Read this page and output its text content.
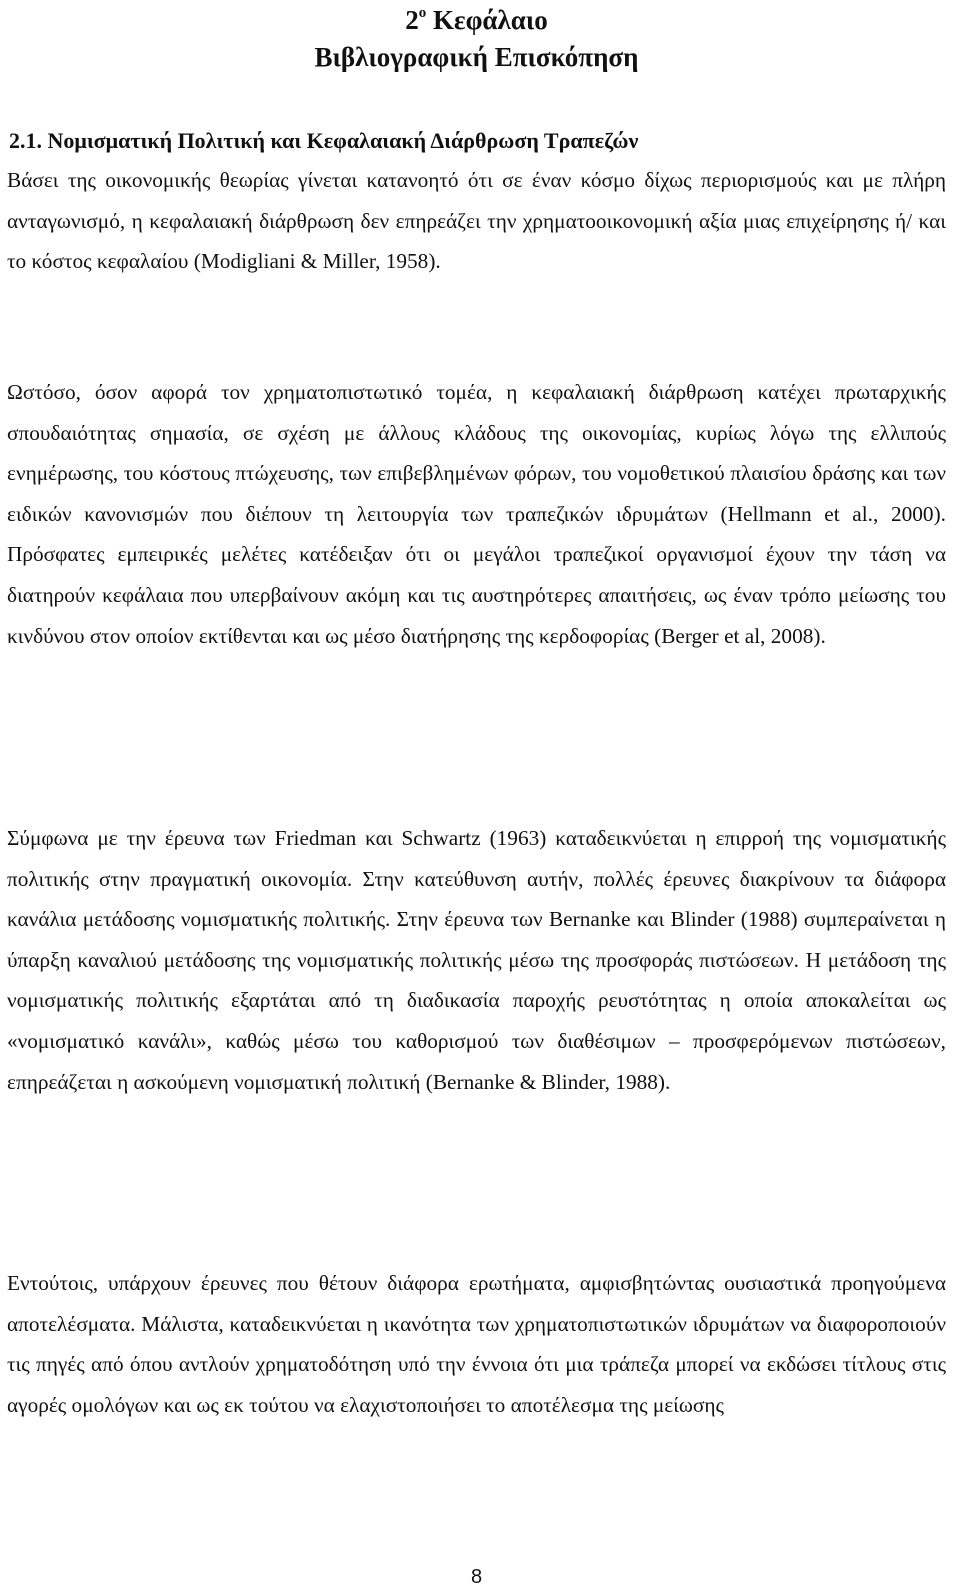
$2^o$ Κεφάλαιο
Βιβλιογραφική Επισκόπηση
2.1. Νομισματική Πολιτική και Κεφαλαιακή Διάρθρωση Τραπεζών

Βάσει της οικονομικής θεωρίας γίνεται κατανοητό ότι σε έναν κόσμο δίχως περιορισμούς και με πλήρη ανταγωνισμό, η κεφαλαιακή διάρθρωση δεν επηρεάζει την χρηματοοικονομική αξία μιας επιχείρησης ή/ και το κόστος κεφαλαίου (Modigliani & Miller, 1958).

Ωστόσο, όσον αφορά τον χρηματοπιστωτικό τομέα, η κεφαλαιακή διάρθρωση κατέχει πρωταρχικής σπουδαιότητας σημασία, σε σχέση με άλλους κλάδους της οικονομίας, κυρίως λόγω της ελλιπούς ενημέρωσης, του κόστους πτώχευσης, των επιβεβλημένων φόρων, του νομοθετικού πλαισίου δράσης και των ειδικών κανονισμών που διέπουν τη λειτουργία των τραπεζικών ιδρυμάτων (Hellmann et al., 2000). Πρόσφατες εμπειρικές μελέτες κατέδειξαν ότι οι μεγάλοι τραπεζικοί οργανισμοί έχουν την τάση να διατηρούν κεφάλαια που υπερβαίνουν ακόμη και τις αυστηρότερες απαιτήσεις, ως έναν τρόπο μείωσης του κινδύνου στον οποίον εκτίθενται και ως μέσο διατήρησης της κερδοφορίας (Berger et al, 2008).

Σύμφωνα με την έρευνα των Friedman και Schwartz (1963) καταδεικνύεται η επιρροή της νομισματικής πολιτικής στην πραγματική οικονομία. Στην κατεύθυνση αυτήν, πολλές έρευνες διακρίνουν τα διάφορα κανάλια μετάδοσης νομισματικής πολιτικής. Στην έρευνα των Bernanke και Blinder (1988) συμπεραίνεται η ύπαρξη καναλιού μετάδοσης της νομισματικής πολιτικής μέσω της προσφοράς πιστώσεων. Η μετάδοση της νομισματικής πολιτικής εξαρτάται από τη διαδικασία παροχής ρευστότητας η οποία αποκαλείται ως «νομισματικό κανάλι», καθώς μέσω του καθορισμού των διαθέσιμων – προσφερόμενων πιστώσεων, επηρεάζεται η ασκούμενη νομισματική πολιτική (Bernanke & Blinder, 1988).

Εντούτοις, υπάρχουν έρευνες που θέτουν διάφορα ερωτήματα, αμφισβητώντας ουσιαστικά προηγούμενα αποτελέσματα. Μάλιστα, καταδεικνύεται η ικανότητα των χρηματοπιστωτικών ιδρυμάτων να διαφοροποιούν τις πηγές από όπου αντλούν χρηματοδότηση υπό την έννοια ότι μια τράπεζα μπορεί να εκδώσει τίτλους στις αγορές ομολόγων και ως εκ τούτου να ελαχιστοποιήσει το αποτέλεσμα της μείωσης

8
